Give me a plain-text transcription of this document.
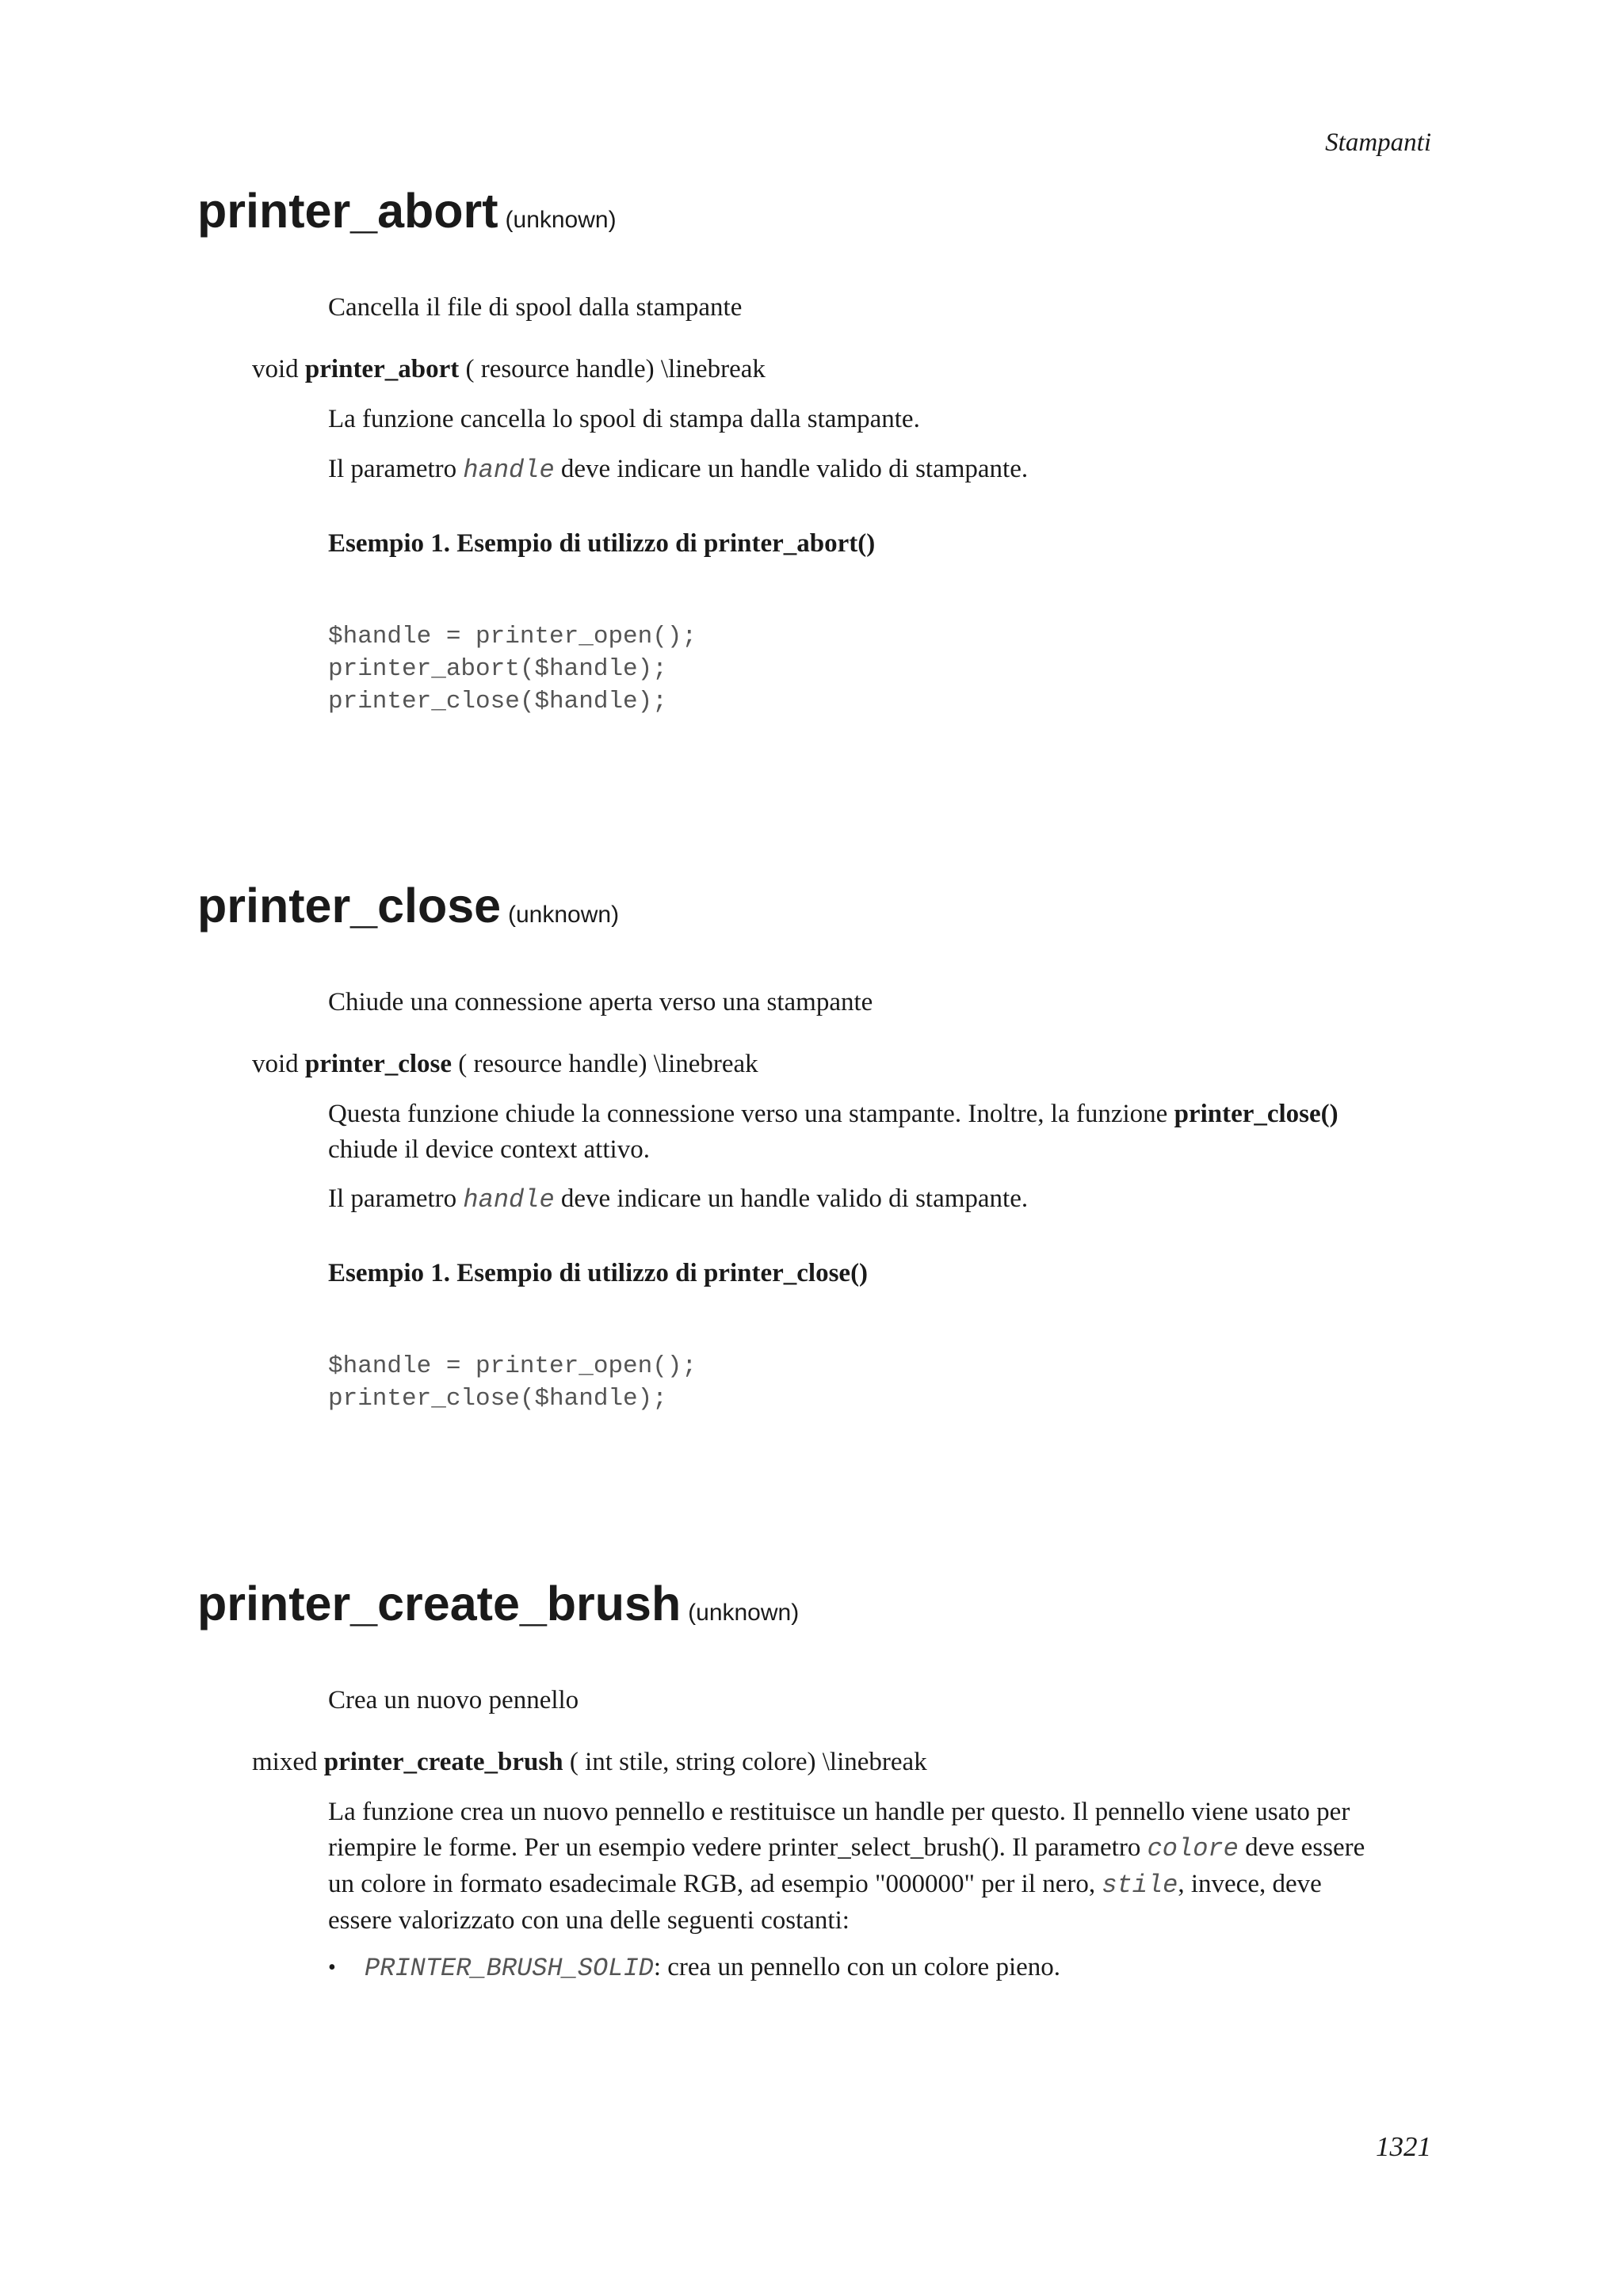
Stampanti

printer_abort (unknown)

Cancella il file di spool dalla stampante

void printer_abort ( resource handle) \linebreak

La funzione cancella lo spool di stampa dalla stampante.

Il parametro handle deve indicare un handle valido di stampante.

Esempio 1. Esempio di utilizzo di printer_abort()

$handle = printer_open();

printer_abort($handle);

printer_close($handle);

printer_close (unknown)

Chiude una connessione aperta verso una stampante

void printer_close ( resource handle) \linebreak

Questa funzione chiude la connessione verso una stampante. Inoltre, la funzione printer_close()

chiude il device context attivo.

Il parametro handle deve indicare un handle valido di stampante.

Esempio 1. Esempio di utilizzo di printer_close()

$handle = printer_open();

printer_close($handle);

printer_create_brush (unknown)

Crea un nuovo pennello

mixed printer_create_brush ( int stile, string colore) \linebreak

La funzione crea un nuovo pennello e restituisce un handle per questo. Il pennello viene usato per

riempire le forme. Per un esempio vedere printer_select_brush(). Il parametro colore deve essere

un colore in formato esadecimale RGB, ad esempio "000000" per il nero, stile, invece, deve

essere valorizzato con una delle seguenti costanti:

• PRINTER_BRUSH_SOLID: crea un pennello con un colore pieno.

1321
